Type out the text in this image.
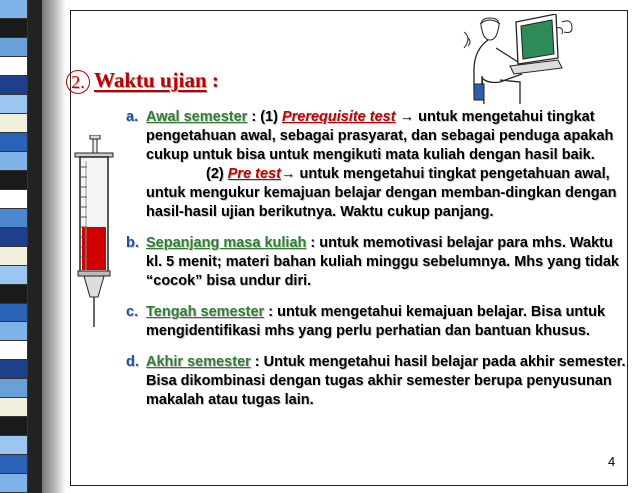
2. Waktu ujian :
a. Awal semester : (1) Prerequisite test → untuk mengetahui tingkat pengetahuan awal, sebagai prasyarat, dan sebagai penduga apakah cukup untuk bisa untuk mengikuti mata kuliah dengan hasil baik.
(2) Pre test→ untuk mengetahui tingkat pengetahuan awal, untuk mengukur kemajuan belajar dengan memban-dingkan dengan hasil-hasil ujian berikutnya. Waktu cukup panjang.
b. Sepanjang masa kuliah : untuk memotivasi belajar para mhs. Waktu kl. 5 menit; materi bahan kuliah minggu sebelumnya. Mhs yang tidak “cocok” bisa undur diri.
c. Tengah semester : untuk mengetahui kemajuan belajar. Bisa untuk mengidentifikasi mhs yang perlu perhatian dan bantuan khusus.
d. Akhir semester : Untuk mengetahui hasil belajar pada akhir semester. Bisa dikombinasi dengan tugas akhir semester berupa penyusunan makalah atau tugas lain.
4
